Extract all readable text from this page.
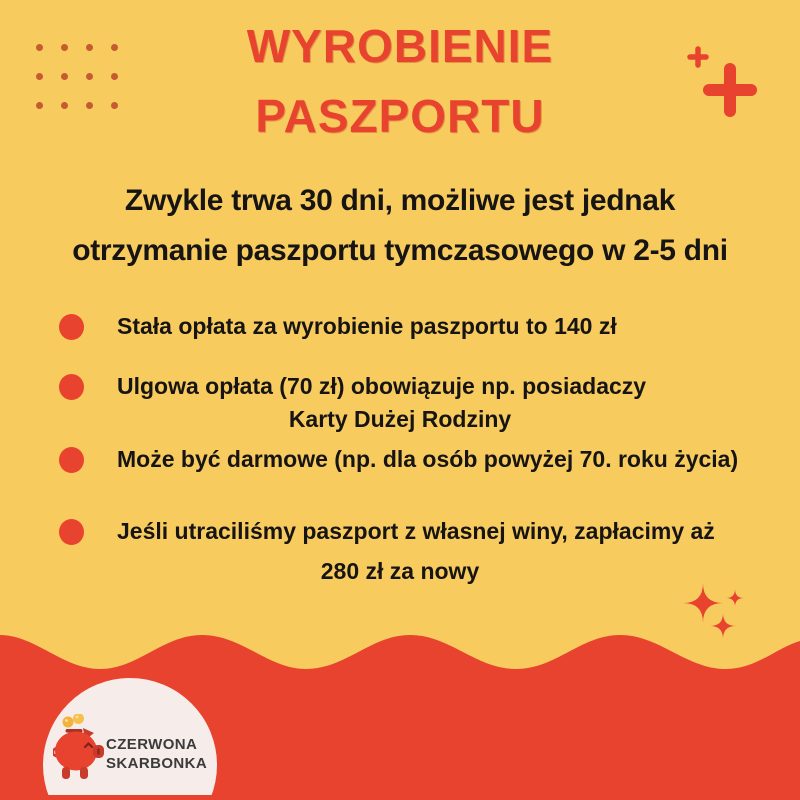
WYROBIENIE
PASZPORTU

Zwykle trwa 30 dni, możliwe jest jednak
otrzymanie paszportu tymczasowego w 2-5 dni

Stała opłata za wyrobienie paszportu to 140 zł
Ulgowa opłata (70 zł) obowiązuje np. posiadaczy
Karty Dużej Rodziny
Może być darmowe (np. dla osób powyżej 70. roku życia)
Jeśli utraciliśmy paszport z własnej winy, zapłacimy aż
280 zł za nowy
CZERWONA
SKARBONKA
